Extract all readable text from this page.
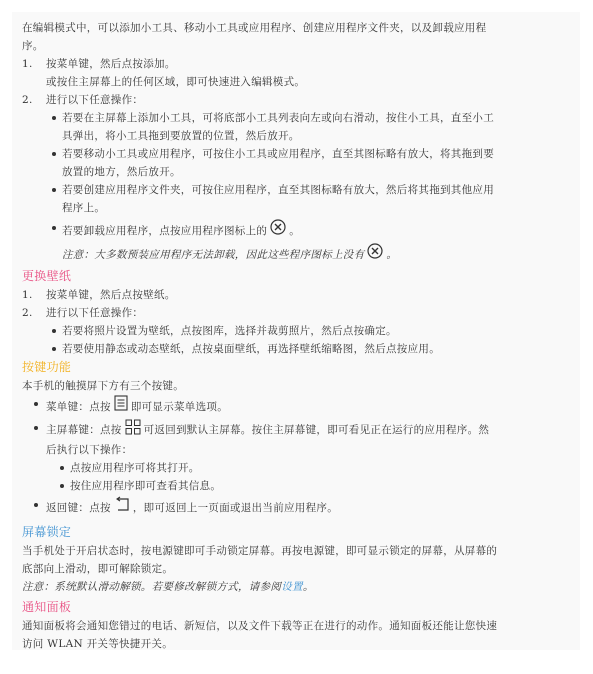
在编辑模式中，可以添加小工具、移动小工具或应用程序、创建应用程序文件夹，以及卸载应用程

序。

1.	按菜单键，然后点按添加。

或按住主屏幕上的任何区域，即可快速进入编辑模式。

2.	进行以下任意操作：
若要在主屏幕上添加小工具，可将底部小工具列表向左或向右滑动，按住小工具，直至小工
具弹出，将小工具拖到要放置的位置，然后放开。
若要移动小工具或应用程序，可按住小工具或应用程序，直至其图标略有放大，将其拖到要
放置的地方，然后放开。
若要创建应用程序文件夹，可按住应用程序，直至其图标略有放大，然后将其拖到其他应用
程序上。
若要卸载应用程序，点按应用程序图标上的 。

注意：大多数预装应用程序无法卸载，因此这些程序图标上没有 。

更换壁纸

1.	按菜单键，然后点按壁纸。
2.	进行以下任意操作：
若要将照片设置为壁纸，点按图库，选择并裁剪照片，然后点按确定。
若要使用静态或动态壁纸，点按桌面壁纸，再选择壁纸缩略图，然后点按应用。

按键功能

本手机的触摸屏下方有三个按键。

菜单键：点按 即可显示菜单选项。
主屏幕键：点按 可返回到默认主屏幕。按住主屏幕键，即可看见正在运行的应用程序。然
后执行以下操作：
点按应用程序可将其打开。
按住应用程序即可查看其信息。
返回键：点按 ，即可返回上一页面或退出当前应用程序。

屏幕锁定

当手机处于开启状态时，按电源键即可手动锁定屏幕。再按电源键，即可显示锁定的屏幕，从屏幕的

底部向上滑动，即可解除锁定。

注意：系统默认滑动解锁。若要修改解锁方式，请参阅设置。

通知面板

通知面板将会通知您错过的电话、新短信，以及文件下载等正在进行的动作。通知面板还能让您快速

访问 WLAN 开关等快捷开关。
